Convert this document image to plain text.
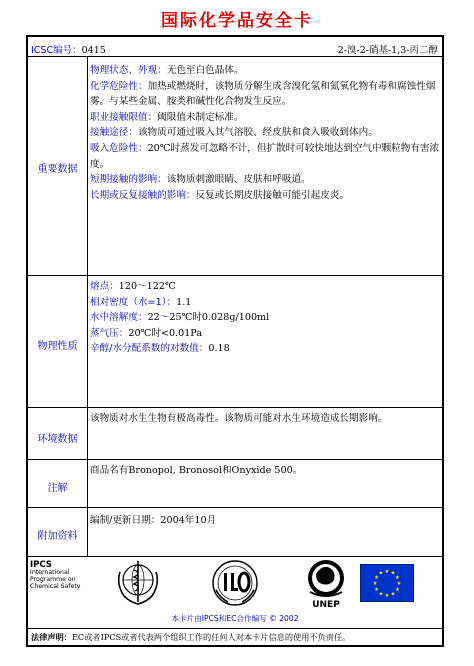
国际化学品安全卡
ICSC编号：0415	2-溴-2-硝基-1,3-丙二醇
重要数据

物理状态、外观：无色至白色晶体。

化学危险性：加热或燃烧时，该物质分解生成含溴化氢和氮氧化物有毒和腐蚀性烟雾。与某些金属、胺类和碱性化合物发生反应。

职业接触限值：阈限值未制定标准。

接触途径：该物质可通过吸入其气溶胶、经皮肤和食入吸收到体内。

吸入危险性：20℃时蒸发可忽略不计，但扩散时可较快地达到空气中颗粒物有害浓度。

短期接触的影响：该物质刺激眼睛、皮肤和呼吸道。

长期或反复接触的影响：反复或长期皮肤接触可能引起皮炎。

物理性质

熔点：120～122℃

相对密度（水=1）：1.1

水中溶解度：22～25℃时0.028g/100ml

蒸气压：20℃时<0.01Pa

辛醇/水分配系数的对数值：0.18

环境数据
该物质对水生生物有极高毒性。该物质可能对水生环境造成长期影响。
注解
商品名有Bronopol, Bronosol和Onyxide 500。
附加资料
编制/更新日期：2004年10月
IPCS
International
Programme on
Chemical Safety
UNEP
★ ★
★
★
★
★
★
★
★
★
★
★
本卡片由IPCS和EC合作编写 © 2002
法律声明：EC或者IPCS或者代表两个组织工作的任何人对本卡片信息的使用不负责任。
